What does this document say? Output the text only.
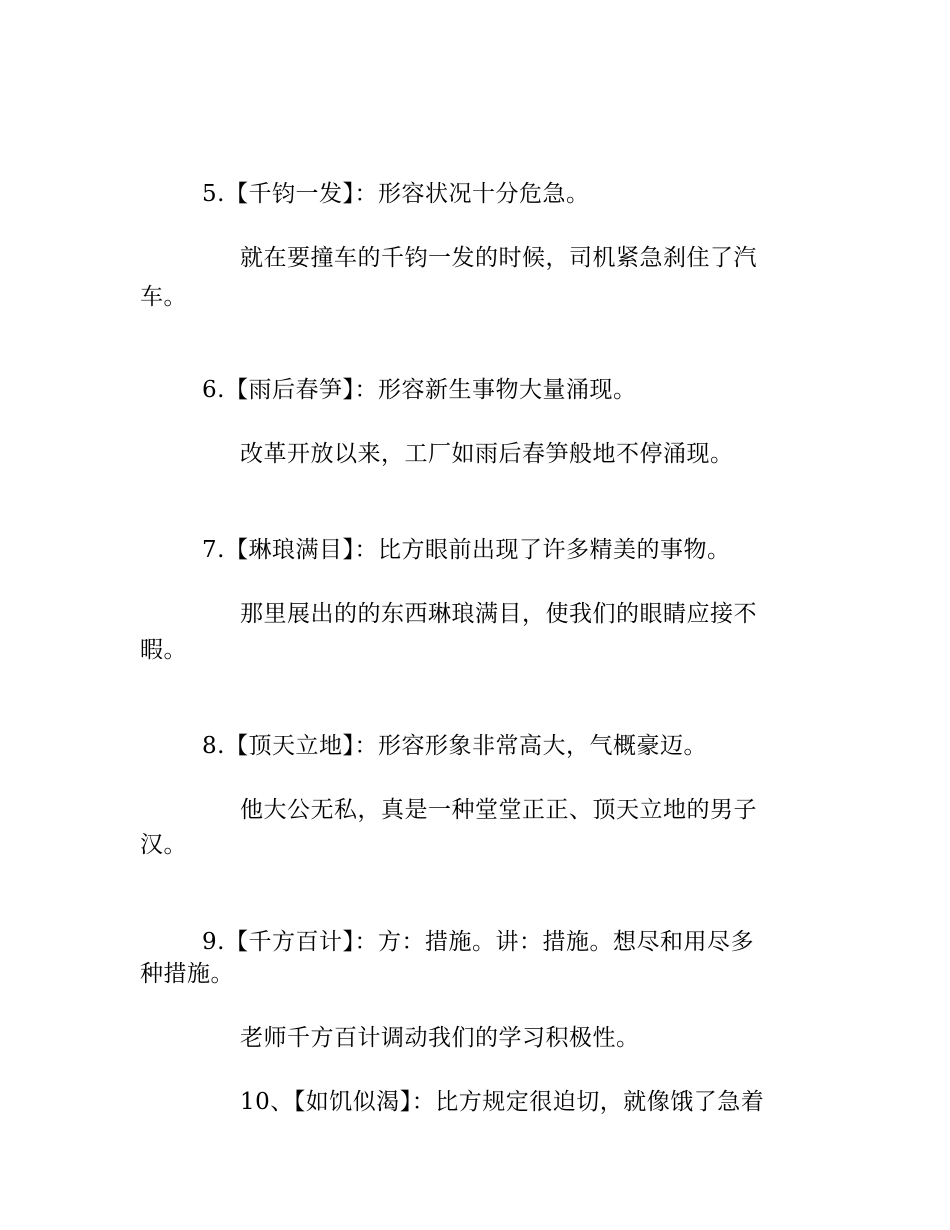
5.【千钧一发】：形容状况十分危急。
就在要撞车的千钧一发的时候，司机紧急刹住了汽
车。
6.【雨后春笋】：形容新生事物大量涌现。
改革开放以来，工厂如雨后春笋般地不停涌现。
7.【琳琅满目】：比方眼前出现了许多精美的事物。
那里展出的的东西琳琅满目，使我们的眼睛应接不
暇。
8.【顶天立地】：形容形象非常高大，气概豪迈。
他大公无私，真是一种堂堂正正、顶天立地的男子
汉。
9.【千方百计】：方：措施。讲：措施。想尽和用尽多
种措施。
老师千方百计调动我们的学习积极性。
10、【如饥似渴】：比方规定很迫切，就像饿了急着
